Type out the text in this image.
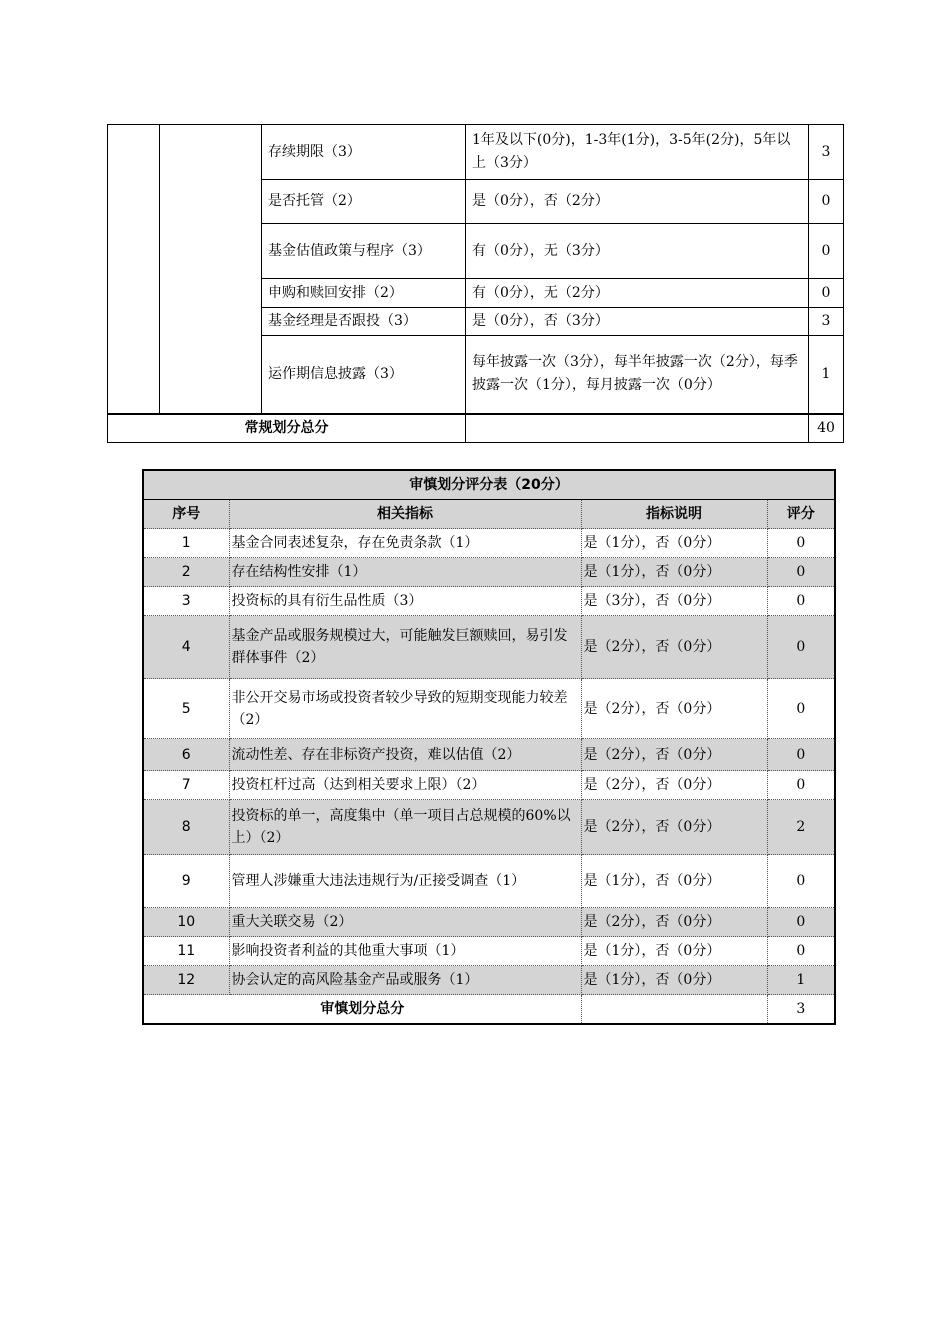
		存续期限（3）	1年及以下(0分)，1-3年(1分)，3-5年(2分)，5年以上（3分）	3
		是否托管（2）	是（0分），否（2分）	0
		基金估值政策与程序（3）	有（0分），无（3分）	0
		申购和赎回安排（2）	有（0分），无（2分）	0
		基金经理是否跟投（3）	是（0分），否（3分）	3
		运作期信息披露（3）	每年披露一次（3分），每半年披露一次（2分），每季披露一次（1分），每月披露一次（0分）	1
常规划分总分				40
审慎划分评分表（20分）			
序号	相关指标	指标说明	评分
1	基金合同表述复杂，存在免责条款（1）	是（1分），否（0分）	0
2	存在结构性安排（1）	是（1分），否（0分）	0
3	投资标的具有衍生品性质（3）	是（3分），否（0分）	0
4	基金产品或服务规模过大，可能触发巨额赎回，易引发群体事件（2）	是（2分），否（0分）	0
5	非公开交易市场或投资者较少导致的短期变现能力较差（2）	是（2分），否（0分）	0
6	流动性差、存在非标资产投资，难以估值（2）	是（2分），否（0分）	0
7	投资杠杆过高（达到相关要求上限）（2）	是（2分），否（0分）	0
8	投资标的单一，高度集中（单一项目占总规模的60%以上）（2）	是（2分），否（0分）	2
9	管理人涉嫌重大违法违规行为/正接受调查（1）	是（1分），否（0分）	0
10	重大关联交易（2）	是（2分），否（0分）	0
11	影响投资者利益的其他重大事项（1）	是（1分），否（0分）	0
12	协会认定的高风险基金产品或服务（1）	是（1分），否（0分）	1
审慎划分总分			3
